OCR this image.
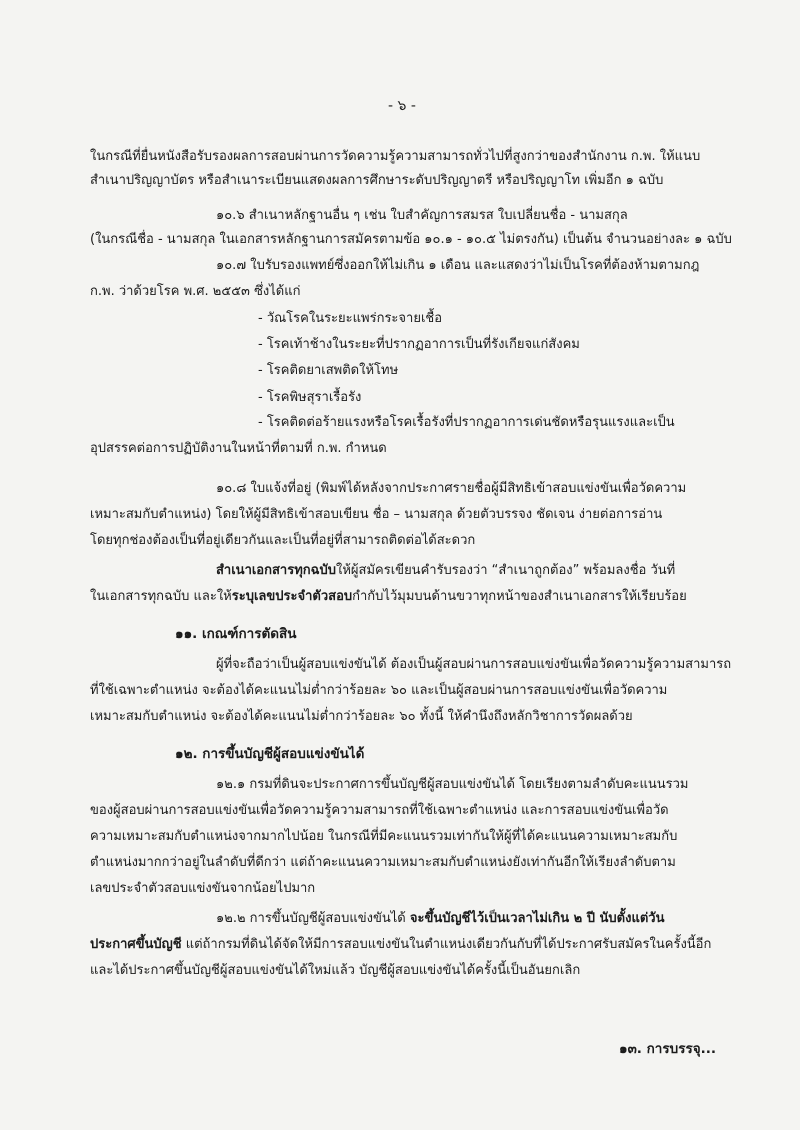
- ๖ -
ในกรณีที่ยื่นหนังสือรับรองผลการสอบผ่านการวัดความรู้ความสามารถทั่วไปที่สูงกว่าของสำนักงาน ก.พ. ให้แนบ
สำเนาปริญญาบัตร หรือสำเนาระเบียนแสดงผลการศึกษาระดับปริญญาตรี หรือปริญญาโท เพิ่มอีก ๑ ฉบับ
๑๐.๖ สำเนาหลักฐานอื่น ๆ เช่น ใบสำคัญการสมรส ใบเปลี่ยนชื่อ - นามสกุล
(ในกรณีชื่อ - นามสกุล ในเอกสารหลักฐานการสมัครตามข้อ ๑๐.๑ - ๑๐.๕ ไม่ตรงกัน) เป็นต้น จำนวนอย่างละ ๑ ฉบับ
๑๐.๗ ใบรับรองแพทย์ซึ่งออกให้ไม่เกิน ๑ เดือน และแสดงว่าไม่เป็นโรคที่ต้องห้ามตามกฎ
ก.พ. ว่าด้วยโรค พ.ศ. ๒๕๕๓ ซึ่งได้แก่
- วัณโรคในระยะแพร่กระจายเชื้อ
- โรคเท้าช้างในระยะที่ปรากฏอาการเป็นที่รังเกียจแก่สังคม
- โรคติดยาเสพติดให้โทษ
- โรคพิษสุราเรื้อรัง
- โรคติดต่อร้ายแรงหรือโรคเรื้อรังที่ปรากฏอาการเด่นชัดหรือรุนแรงและเป็น
อุปสรรคต่อการปฏิบัติงานในหน้าที่ตามที่ ก.พ. กำหนด
๑๐.๘ ใบแจ้งที่อยู่ (พิมพ์ได้หลังจากประกาศรายชื่อผู้มีสิทธิเข้าสอบแข่งขันเพื่อวัดความ
เหมาะสมกับตำแหน่ง) โดยให้ผู้มีสิทธิเข้าสอบเขียน ชื่อ – นามสกุล ด้วยตัวบรรจง ชัดเจน ง่ายต่อการอ่าน
โดยทุกช่องต้องเป็นที่อยู่เดียวกันและเป็นที่อยู่ที่สามารถติดต่อได้สะดวก
สำเนาเอกสารทุกฉบับให้ผู้สมัครเขียนคำรับรองว่า “สำเนาถูกต้อง” พร้อมลงชื่อ วันที่
ในเอกสารทุกฉบับ และให้ระบุเลขประจำตัวสอบกำกับไว้มุมบนด้านขวาทุกหน้าของสำเนาเอกสารให้เรียบร้อย
๑๑. เกณฑ์การตัดสิน
ผู้ที่จะถือว่าเป็นผู้สอบแข่งขันได้ ต้องเป็นผู้สอบผ่านการสอบแข่งขันเพื่อวัดความรู้ความสามารถ
ที่ใช้เฉพาะตำแหน่ง จะต้องได้คะแนนไม่ต่ำกว่าร้อยละ ๖๐ และเป็นผู้สอบผ่านการสอบแข่งขันเพื่อวัดความ
เหมาะสมกับตำแหน่ง จะต้องได้คะแนนไม่ต่ำกว่าร้อยละ ๖๐ ทั้งนี้ ให้คำนึงถึงหลักวิชาการวัดผลด้วย
๑๒. การขึ้นบัญชีผู้สอบแข่งขันได้
๑๒.๑ กรมที่ดินจะประกาศการขึ้นบัญชีผู้สอบแข่งขันได้ โดยเรียงตามลำดับคะแนนรวม
ของผู้สอบผ่านการสอบแข่งขันเพื่อวัดความรู้ความสามารถที่ใช้เฉพาะตำแหน่ง และการสอบแข่งขันเพื่อวัด
ความเหมาะสมกับตำแหน่งจากมากไปน้อย ในกรณีที่มีคะแนนรวมเท่ากันให้ผู้ที่ได้คะแนนความเหมาะสมกับ
ตำแหน่งมากกว่าอยู่ในลำดับที่ดีกว่า แต่ถ้าคะแนนความเหมาะสมกับตำแหน่งยังเท่ากันอีกให้เรียงลำดับตาม
เลขประจำตัวสอบแข่งขันจากน้อยไปมาก
๑๒.๒ การขึ้นบัญชีผู้สอบแข่งขันได้ จะขึ้นบัญชีไว้เป็นเวลาไม่เกิน ๒ ปี นับตั้งแต่วัน
ประกาศขึ้นบัญชี แต่ถ้ากรมที่ดินได้จัดให้มีการสอบแข่งขันในตำแหน่งเดียวกันกับที่ได้ประกาศรับสมัครในครั้งนี้อีก
และได้ประกาศขึ้นบัญชีผู้สอบแข่งขันได้ใหม่แล้ว บัญชีผู้สอบแข่งขันได้ครั้งนี้เป็นอันยกเลิก
๑๓. การบรรจุ...
